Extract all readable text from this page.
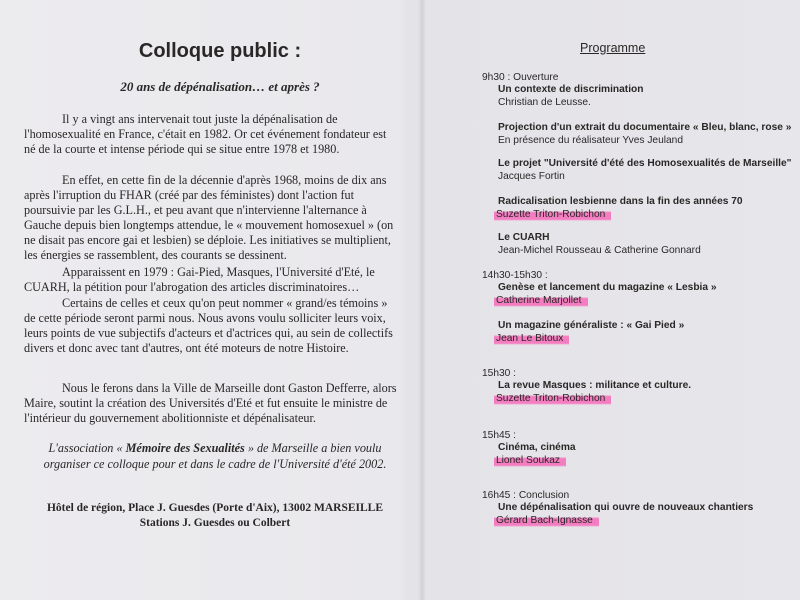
Colloque public :
20 ans de dépénalisation… et après ?
Il y a vingt ans intervenait tout juste la dépénalisation de l'homosexualité en France, c'était en 1982. Or cet événement fondateur est né de la courte et intense période qui se situe entre 1978 et 1980.
En effet, en cette fin de la décennie d'après 1968, moins de dix ans après l'irruption du FHAR (créé par des féministes) dont l'action fut poursuivie par les G.L.H., et peu avant que n'intervienne l'alternance à Gauche depuis bien longtemps attendue, le « mouvement homosexuel » (on ne disait pas encore gai et lesbien) se déploie. Les initiatives se multiplient, les énergies se rassemblent, des courants se dessinent.
Apparaissent en 1979 : Gai-Pied, Masques, l'Université d'Eté, le CUARH, la pétition pour l'abrogation des articles discriminatoires…
Certains de celles et ceux qu'on peut nommer « grand/es témoins » de cette période seront parmi nous. Nous avons voulu solliciter leurs voix, leurs points de vue subjectifs d'acteurs et d'actrices qui, au sein de collectifs divers et donc avec tant d'autres, ont été moteurs de notre Histoire.
Nous le ferons dans la Ville de Marseille dont Gaston Defferre, alors Maire, soutint la création des Universités d'Eté et fut ensuite le ministre de l'intérieur du gouvernement abolitionniste et dépénalisateur.
L'association « Mémoire des Sexualités » de Marseille a bien voulu organiser ce colloque pour et dans le cadre de l'Université d'été 2002.
Hôtel de région, Place J. Guesdes (Porte d'Aix), 13002 MARSEILLE
Stations J. Guesdes ou Colbert
Programme
9h30 : Ouverture
Un contexte de discrimination
Christian de Leusse.
Projection d'un extrait du documentaire « Bleu, blanc, rose »
En présence du réalisateur Yves Jeuland
Le projet "Université d'été des Homosexualités de Marseille"
Jacques Fortin
Radicalisation lesbienne dans la fin des années 70
Suzette Triton-Robichon
Le CUARH
Jean-Michel Rousseau & Catherine Gonnard
14h30-15h30 :
Genèse et lancement du magazine « Lesbia »
Catherine Marjollet
Un magazine généraliste : « Gai Pied »
Jean Le Bitoux
15h30 :
La revue Masques : militance et culture.
Suzette Triton-Robichon
15h45 :
Cinéma, cinéma
Lionel Soukaz
16h45 : Conclusion
Une dépénalisation qui ouvre de nouveaux chantiers
Gérard Bach-Ignasse
